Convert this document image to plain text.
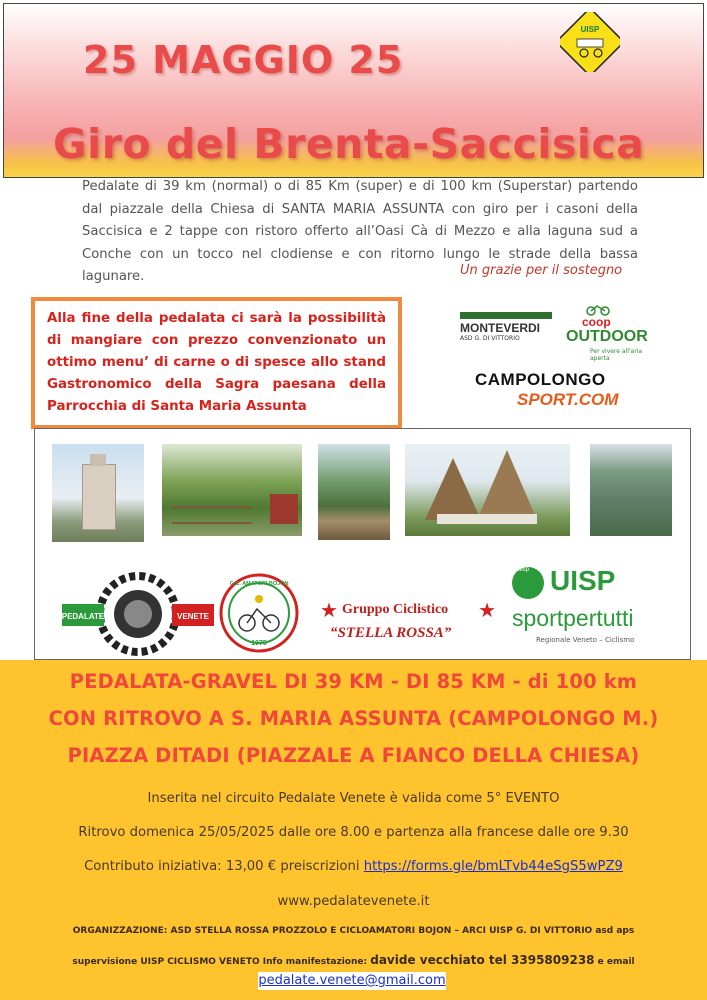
25 MAGGIO 25
Giro del Brenta-Saccisica
UISP
Pedalate di 39 km (normal) o di 85 Km (super) e di 100 km (Superstar) partendo dal piazzale della Chiesa di SANTA MARIA ASSUNTA con giro per i casoni della Saccisica e 2 tappe con ristoro offerto all’Oasi Cà di Mezzo e alla laguna sud a Conche con un tocco nel clodiense e con ritorno lungo le strade della bassa lagunare.	Un grazie per il sostegno
Alla fine della pedalata ci sarà la possibilità di mangiare con prezzo convenzionato un ottimo menu’ di carne o di spesce allo stand Gastronomico della Sagra paesana della Parrocchia di Santa Maria Assunta
MONTEVERDI
ASD G. DI VITTORIO
coop
OUTDOOR
Per vivere all'aria aperta
CAMPOLONGO
SPORT.COM
PEDALATE	VENETE
G.C. AMATORI BOJON
1975
★	★
Gruppo Ciclistico
“STELLA ROSSA”
uisp UISP
sportpertutti
Regionale Veneto – Ciclismo
PEDALATA-GRAVEL DI 39 KM - DI 85 KM - di 100 km
CON RITROVO A S. MARIA ASSUNTA (CAMPOLONGO M.)
PIAZZA DITADI (PIAZZALE A FIANCO DELLA CHIESA)
Inserita nel circuito Pedalate Venete è valida come 5° EVENTO
Ritrovo domenica 25/05/2025 dalle ore 8.00 e partenza alla francese dalle ore 9.30
Contributo iniziativa: 13,00 € preiscrizioni https://forms.gle/bmLTvb44eSgS5wPZ9
www.pedalatevenete.it
ORGANIZZAZIONE: ASD STELLA ROSSA PROZZOLO E CICLOAMATORI BOJON – ARCI UISP G. DI VITTORIO asd aps
supervisione UISP CICLISMO VENETO Info manifestazione: davide vecchiato tel 3395809238 e email
pedalate.venete@gmail.com
